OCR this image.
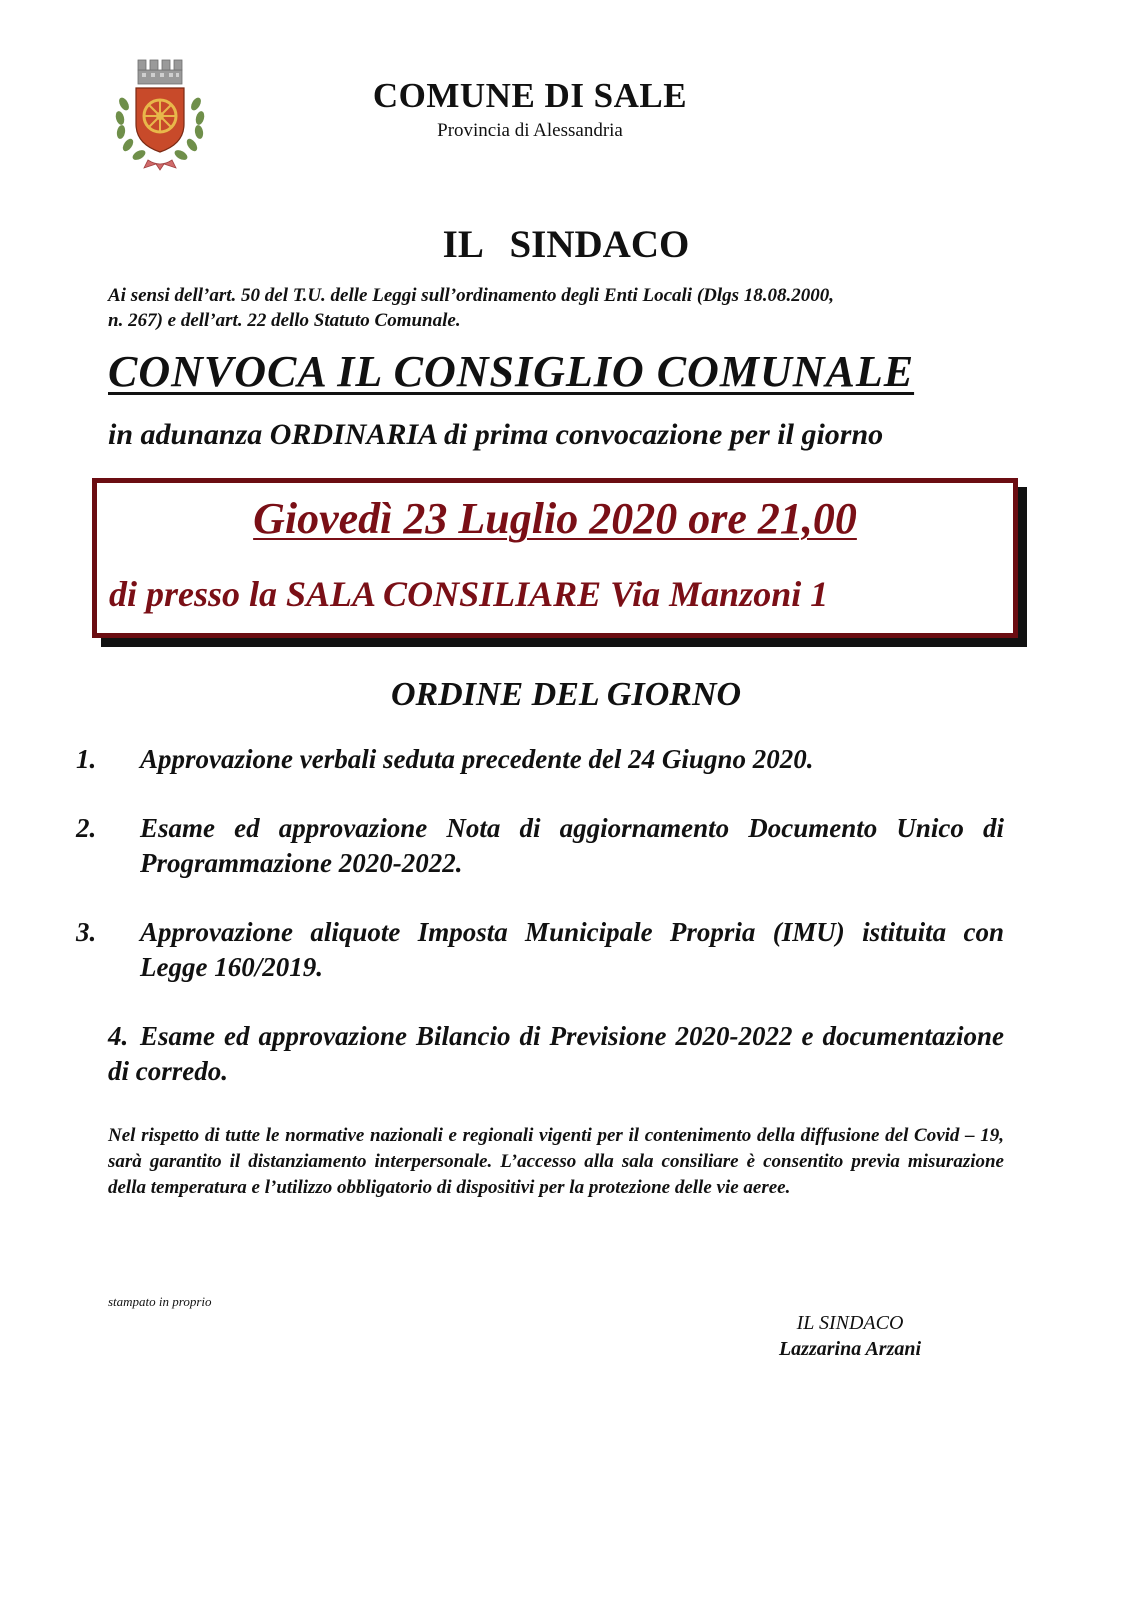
COMUNE DI SALE
Provincia di Alessandria
IL SINDACO
Ai sensi dell’art. 50 del T.U. delle Leggi sull’ordinamento degli Enti Locali (Dlgs 18.08.2000,
n. 267) e dell’art. 22 dello Statuto Comunale.
CONVOCA IL CONSIGLIO COMUNALE
in adunanza ORDINARIA di prima convocazione per il giorno
Giovedì 23 Luglio 2020 ore 21,00
di presso la SALA CONSILIARE Via Manzoni 1
ORDINE DEL GIORNO
1. Approvazione verbali seduta precedente del 24 Giugno 2020.
2. Esame ed approvazione Nota di aggiornamento Documento Unico di Programmazione 2020-2022.
3. Approvazione aliquote Imposta Municipale Propria (IMU) istituita con Legge 160/2019.
4. Esame ed approvazione Bilancio di Previsione 2020-2022 e documentazione di corredo.
Nel rispetto di tutte le normative nazionali e regionali vigenti per il contenimento della diffusione del Covid – 19, sarà garantito il distanziamento interpersonale. L’accesso alla sala consiliare è consentito previa misurazione della temperatura e l’utilizzo obbligatorio di dispositivi per la protezione delle vie aeree.
stampato in proprio
IL SINDACO
Lazzarina Arzani
